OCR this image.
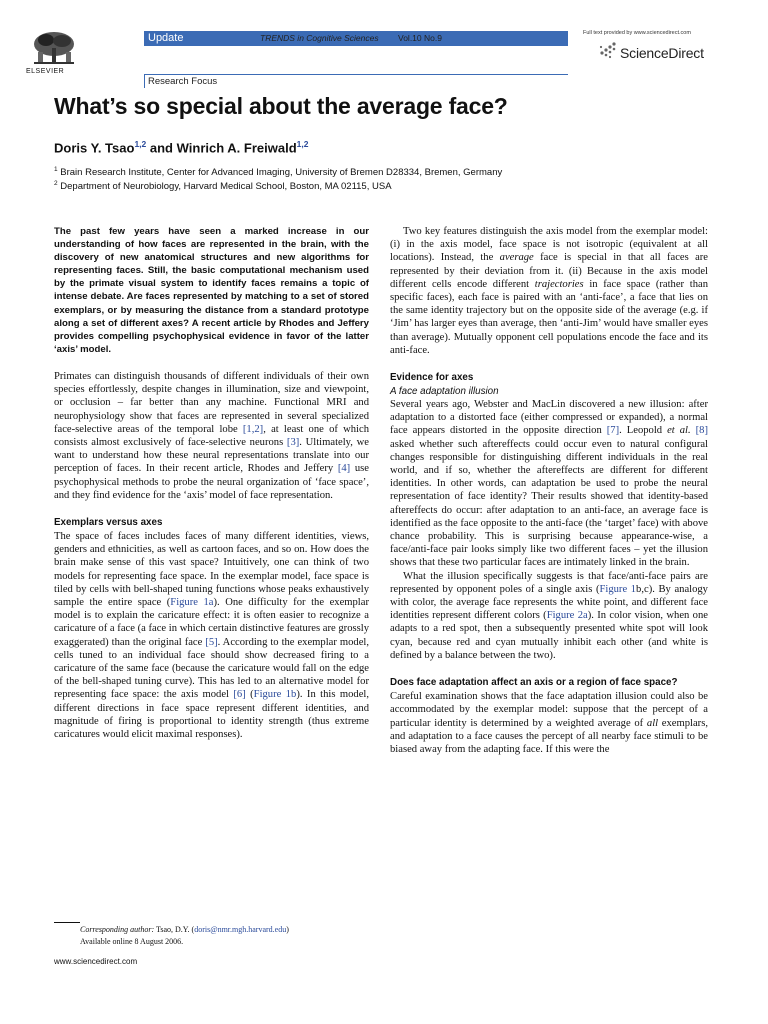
ELSEVIER
Update	TRENDS in Cognitive Sciences Vol.10 No.9	Full text provided by www.sciencedirect.com
ScienceDirect
Research Focus
What’s so special about the average face?
Doris Y. Tsao$^{1,2}$ and Winrich A. Freiwald$^{1,2}$
$^1$ Brain Research Institute, Center for Advanced Imaging, University of Bremen D28334, Bremen, Germany
$^2$ Department of Neurobiology, Harvard Medical School, Boston, MA 02115, USA

The past few years have seen a marked increase in our understanding of how faces are represented in the brain, with the discovery of new anatomical structures and new algorithms for representing faces. Still, the basic computational mechanism used by the primate visual system to identify faces remains a topic of intense debate. Are faces represented by matching to a set of stored exemplars, or by measuring the distance from a standard prototype along a set of different axes? A recent article by Rhodes and Jeffery provides compelling psychophysical evidence in favor of the latter ‘axis’ model.

Primates can distinguish thousands of different individuals of their own species effortlessly, despite changes in illumination, size and viewpoint, or occlusion – far better than any machine. Functional MRI and neurophysiology show that faces are represented in several specialized face-selective areas of the temporal lobe [1,2], at least one of which consists almost exclusively of face-selective neurons [3]. Ultimately, we want to understand how these neural representations translate into our perception of faces. In their recent article, Rhodes and Jeffery [4] use psychophysical methods to probe the neural organization of ‘face space’, and they find evidence for the ‘axis’ model of face representation.

Exemplars versus axes

The space of faces includes faces of many different identities, views, genders and ethnicities, as well as cartoon faces, and so on. How does the brain make sense of this vast space? Intuitively, one can think of two models for representing face space. In the exemplar model, face space is tiled by cells with bell-shaped tuning functions whose peaks exhaustively sample the entire space (Figure 1a). One difficulty for the exemplar model is to explain the caricature effect: it is often easier to recognize a caricature of a face (a face in which certain distinctive features are grossly exaggerated) than the original face [5]. According to the exemplar model, cells tuned to an individual face should show decreased firing to a caricature of the same face (because the caricature would fall on the edge of the bell-shaped tuning curve). This has led to an alternative model for representing face space: the axis model [6] (Figure 1b). In this model, different directions in face space represent different identities, and magnitude of firing is proportional to identity strength (thus extreme caricatures would elicit maximal responses).

Two key features distinguish the axis model from the exemplar model: (i) in the axis model, face space is not isotropic (equivalent at all locations). Instead, the average face is special in that all faces are represented by their deviation from it. (ii) Because in the axis model different cells encode different trajectories in face space (rather than specific faces), each face is paired with an ‘anti-face’, a face that lies on the same identity trajectory but on the opposite side of the average (e.g. if ‘Jim’ has larger eyes than average, then ‘anti-Jim’ would have smaller eyes than average). Mutually opponent cell populations encode the face and its anti-face.

Evidence for axes

A face adaptation illusion

Several years ago, Webster and MacLin discovered a new illusion: after adaptation to a distorted face (either compressed or expanded), a normal face appears distorted in the opposite direction [7]. Leopold et al. [8] asked whether such aftereffects could occur even to natural configural changes responsible for distinguishing different individuals in the real world, and if so, whether the aftereffects are different for different identities. In other words, can adaptation be used to probe the neural representation of face identity? Their results showed that identity-based aftereffects do occur: after adaptation to an anti-face, an average face is identified as the face opposite to the anti-face (the ‘target’ face) with above chance probability. This is surprising because appearance-wise, a face/anti-face pair looks simply like two different faces – yet the illusion shows that these two particular faces are intimately linked in the brain.

What the illusion specifically suggests is that face/anti-face pairs are represented by opponent poles of a single axis (Figure 1b,c). By analogy with color, the average face represents the white point, and different face identities represent different colors (Figure 2a). In color vision, when one adapts to a red spot, then a subsequently presented white spot will look cyan, because red and cyan mutually inhibit each other (and white is defined by a balance between the two).

Does face adaptation affect an axis or a region of face space?

Careful examination shows that the face adaptation illusion could also be accommodated by the exemplar model: suppose that the percept of a particular identity is determined by a weighted average of all exemplars, and adaptation to a face causes the percept of all nearby face stimuli to be biased away from the adapting face. If this were the

Corresponding author: Tsao, D.Y. (doris@nmr.mgh.harvard.edu)
Available online 8 August 2006.
www.sciencedirect.com
